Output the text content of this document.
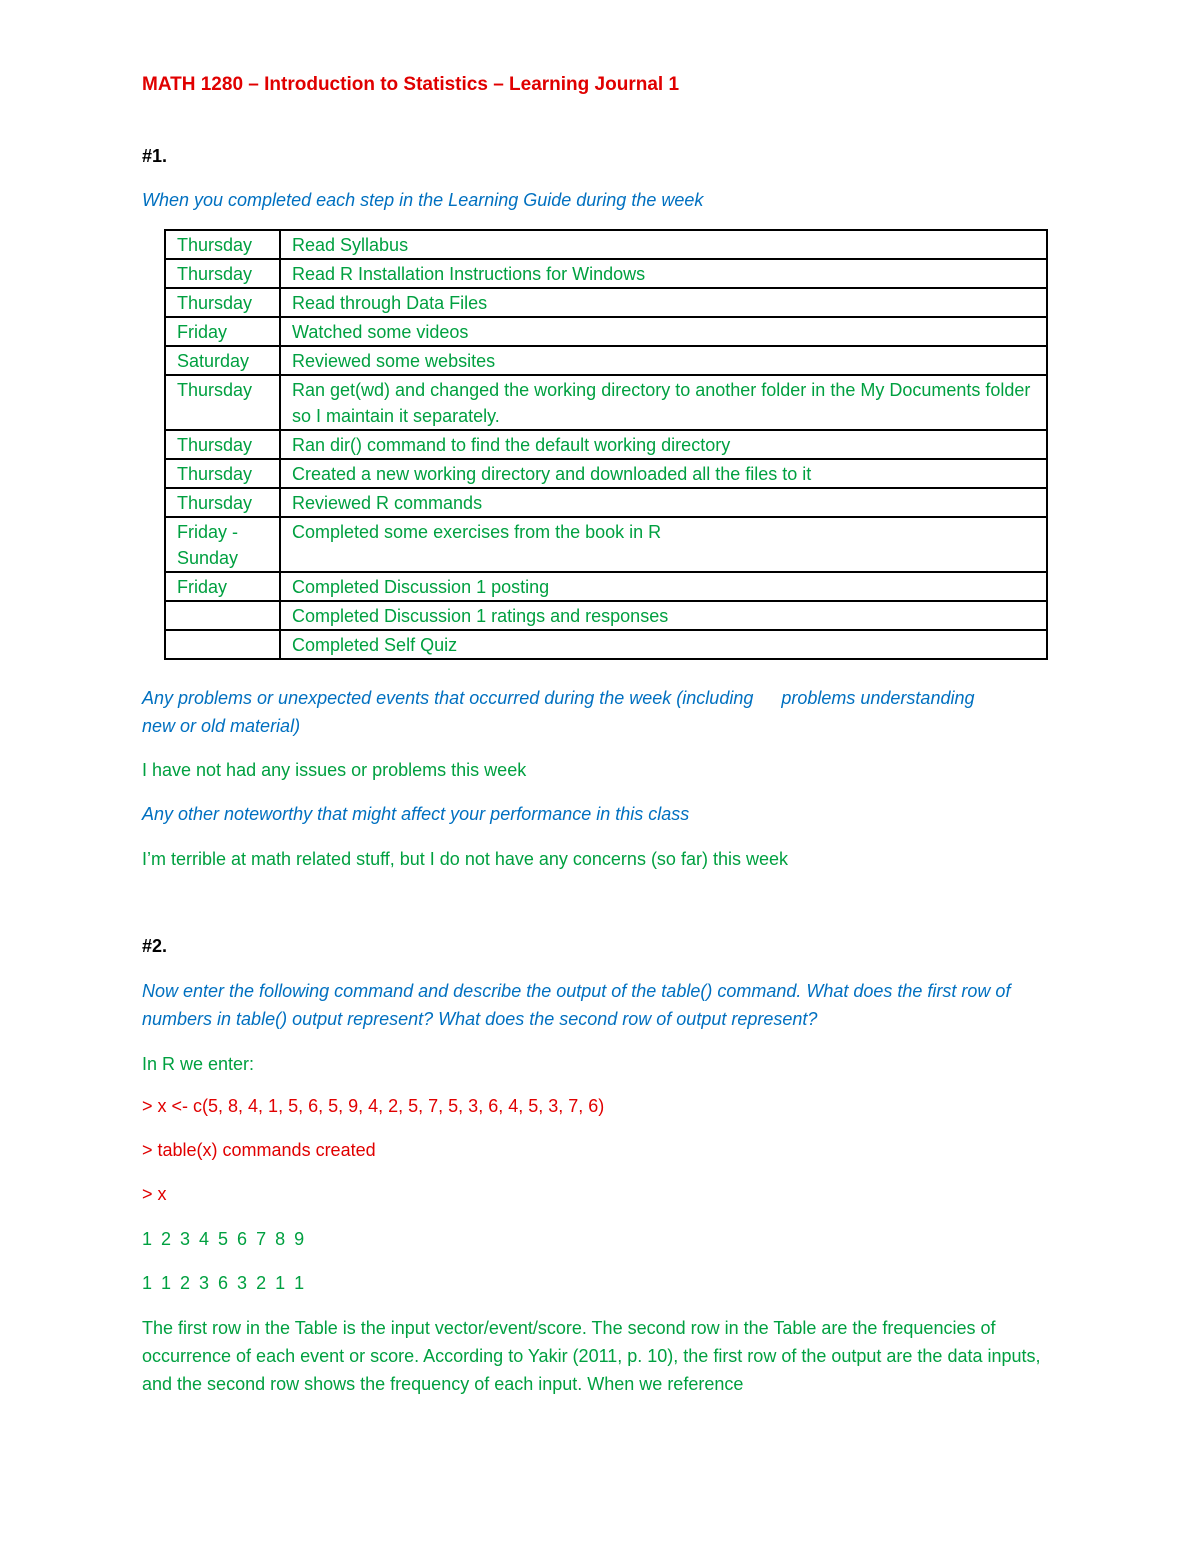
MATH 1280 – Introduction to Statistics – Learning Journal 1
#1.
When you completed each step in the Learning Guide during the week
Thursday	Read Syllabus
Thursday	Read R Installation Instructions for Windows
Thursday	Read through Data Files
Friday	Watched some videos
Saturday	Reviewed some websites
Thursday	Ran get(wd) and changed the working directory to another folder in the My Documents folder so I maintain it separately.
Thursday	Ran dir() command to find the default working directory
Thursday	Created a new working directory and downloaded all the files to it
Thursday	Reviewed R commands
Friday - Sunday	Completed some exercises from the book in R
Friday	Completed Discussion 1 posting
	Completed Discussion 1 ratings and responses
	Completed Self Quiz
Any problems or unexpected events that occurred during the week (including problems understanding
new or old material)
I have not had any issues or problems this week
Any other noteworthy that might affect your performance in this class
I’m terrible at math related stuff, but I do not have any concerns (so far) this week
#2.
Now enter the following command and describe the output of the table() command. What does the first row of numbers in table() output represent? What does the second row of output represent?
In R we enter:
> x <- c(5, 8, 4, 1, 5, 6, 5, 9, 4, 2, 5, 7, 5, 3, 6, 4, 5, 3, 7, 6)
> table(x) commands created
> x
1 2 3 4 5 6 7 8 9
1 1 2 3 6 3 2 1 1
The first row in the Table is the input vector/event/score. The second row in the Table are the frequencies of occurrence of each event or score. According to Yakir (2011, p. 10), the first row of the output are the data inputs, and the second row shows the frequency of each input. When we reference
